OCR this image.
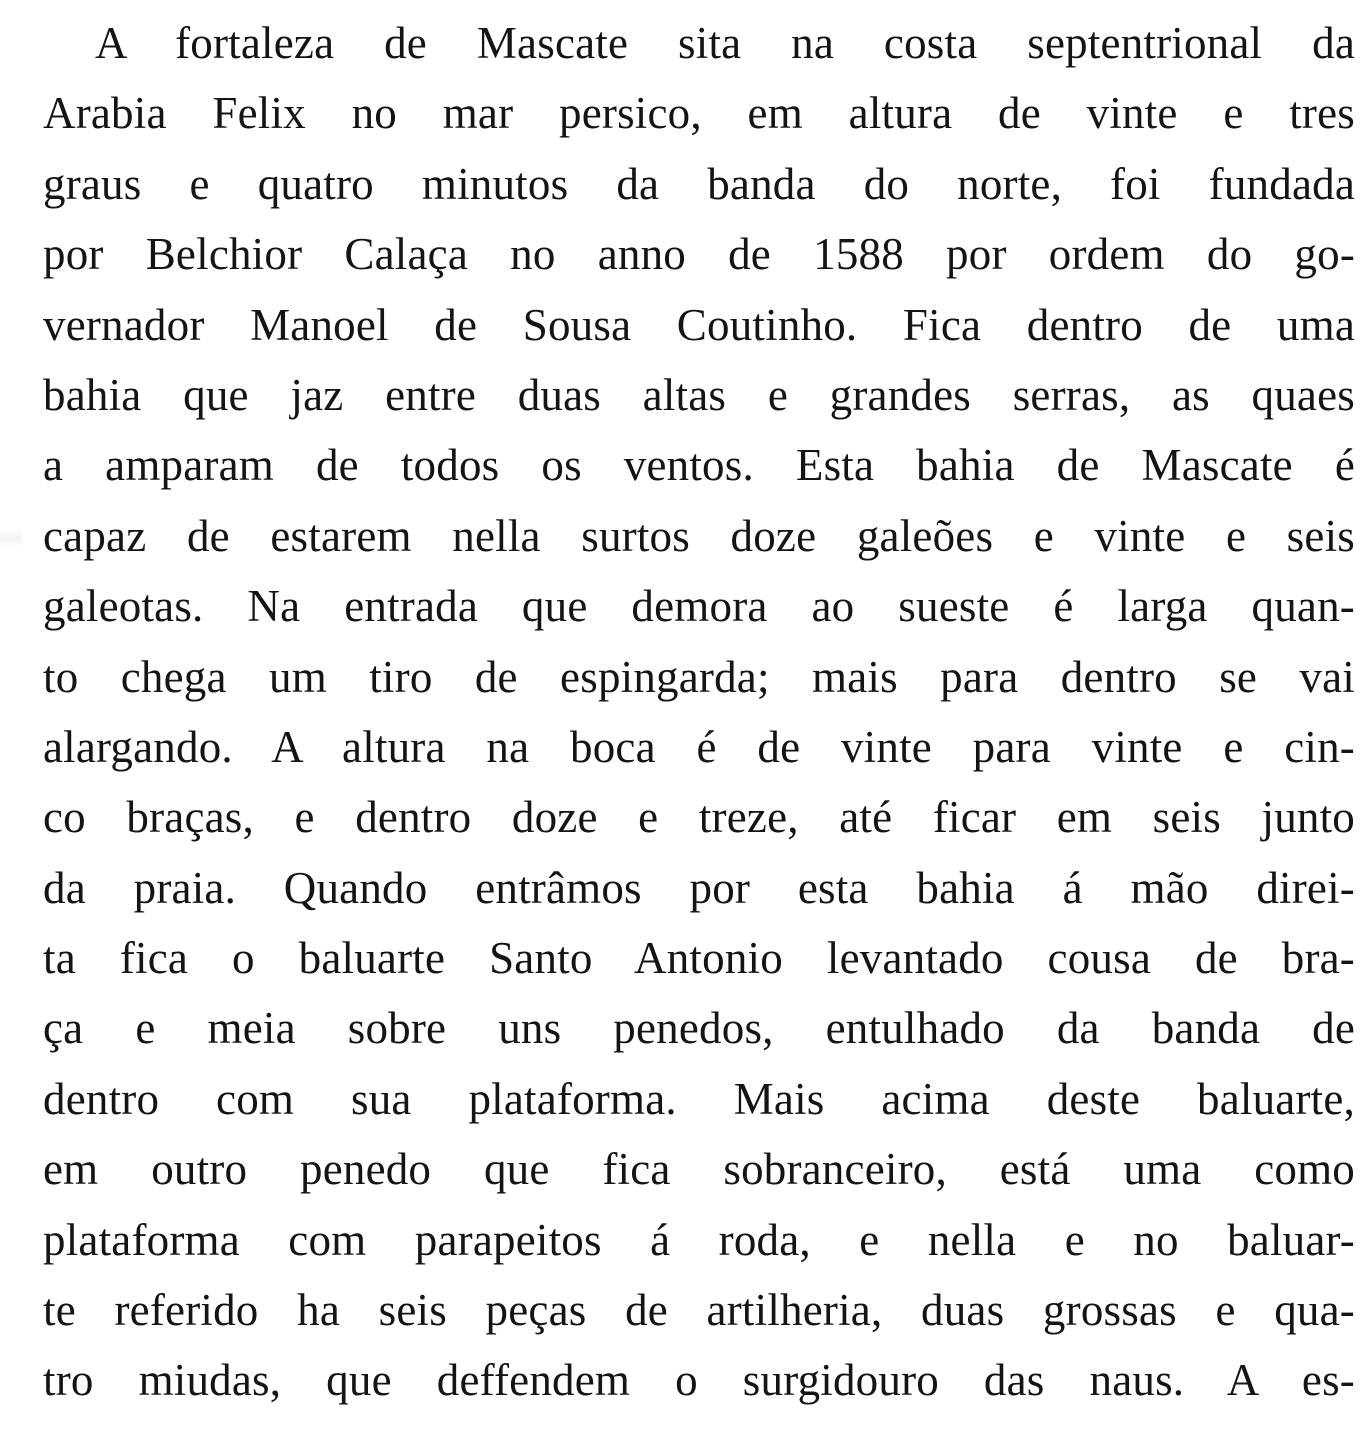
A fortaleza de Mascate sita na costa septentrional da
Arabia Felix no mar persico, em altura de vinte e tres
graus e quatro minutos da banda do norte, foi fundada
por Belchior Calaça no anno de 1588 por ordem do go-
vernador Manoel de Sousa Coutinho. Fica dentro de uma
bahia que jaz entre duas altas e grandes serras, as quaes
a amparam de todos os ventos. Esta bahia de Mascate é
capaz de estarem nella surtos doze galeões e vinte e seis
galeotas. Na entrada que demora ao sueste é larga quan-
to chega um tiro de espingarda; mais para dentro se vai
alargando. A altura na boca é de vinte para vinte e cin-
co braças, e dentro doze e treze, até ficar em seis junto
da praia. Quando entrâmos por esta bahia á mão direi-
ta fica o baluarte Santo Antonio levantado cousa de bra-
ça e meia sobre uns penedos, entulhado da banda de
dentro com sua plataforma. Mais acima deste baluarte,
em outro penedo que fica sobranceiro, está uma como
plataforma com parapeitos á roda, e nella e no baluar-
te referido ha seis peças de artilheria, duas grossas e qua-
tro miudas, que deffendem o surgidouro das naus. A es-
